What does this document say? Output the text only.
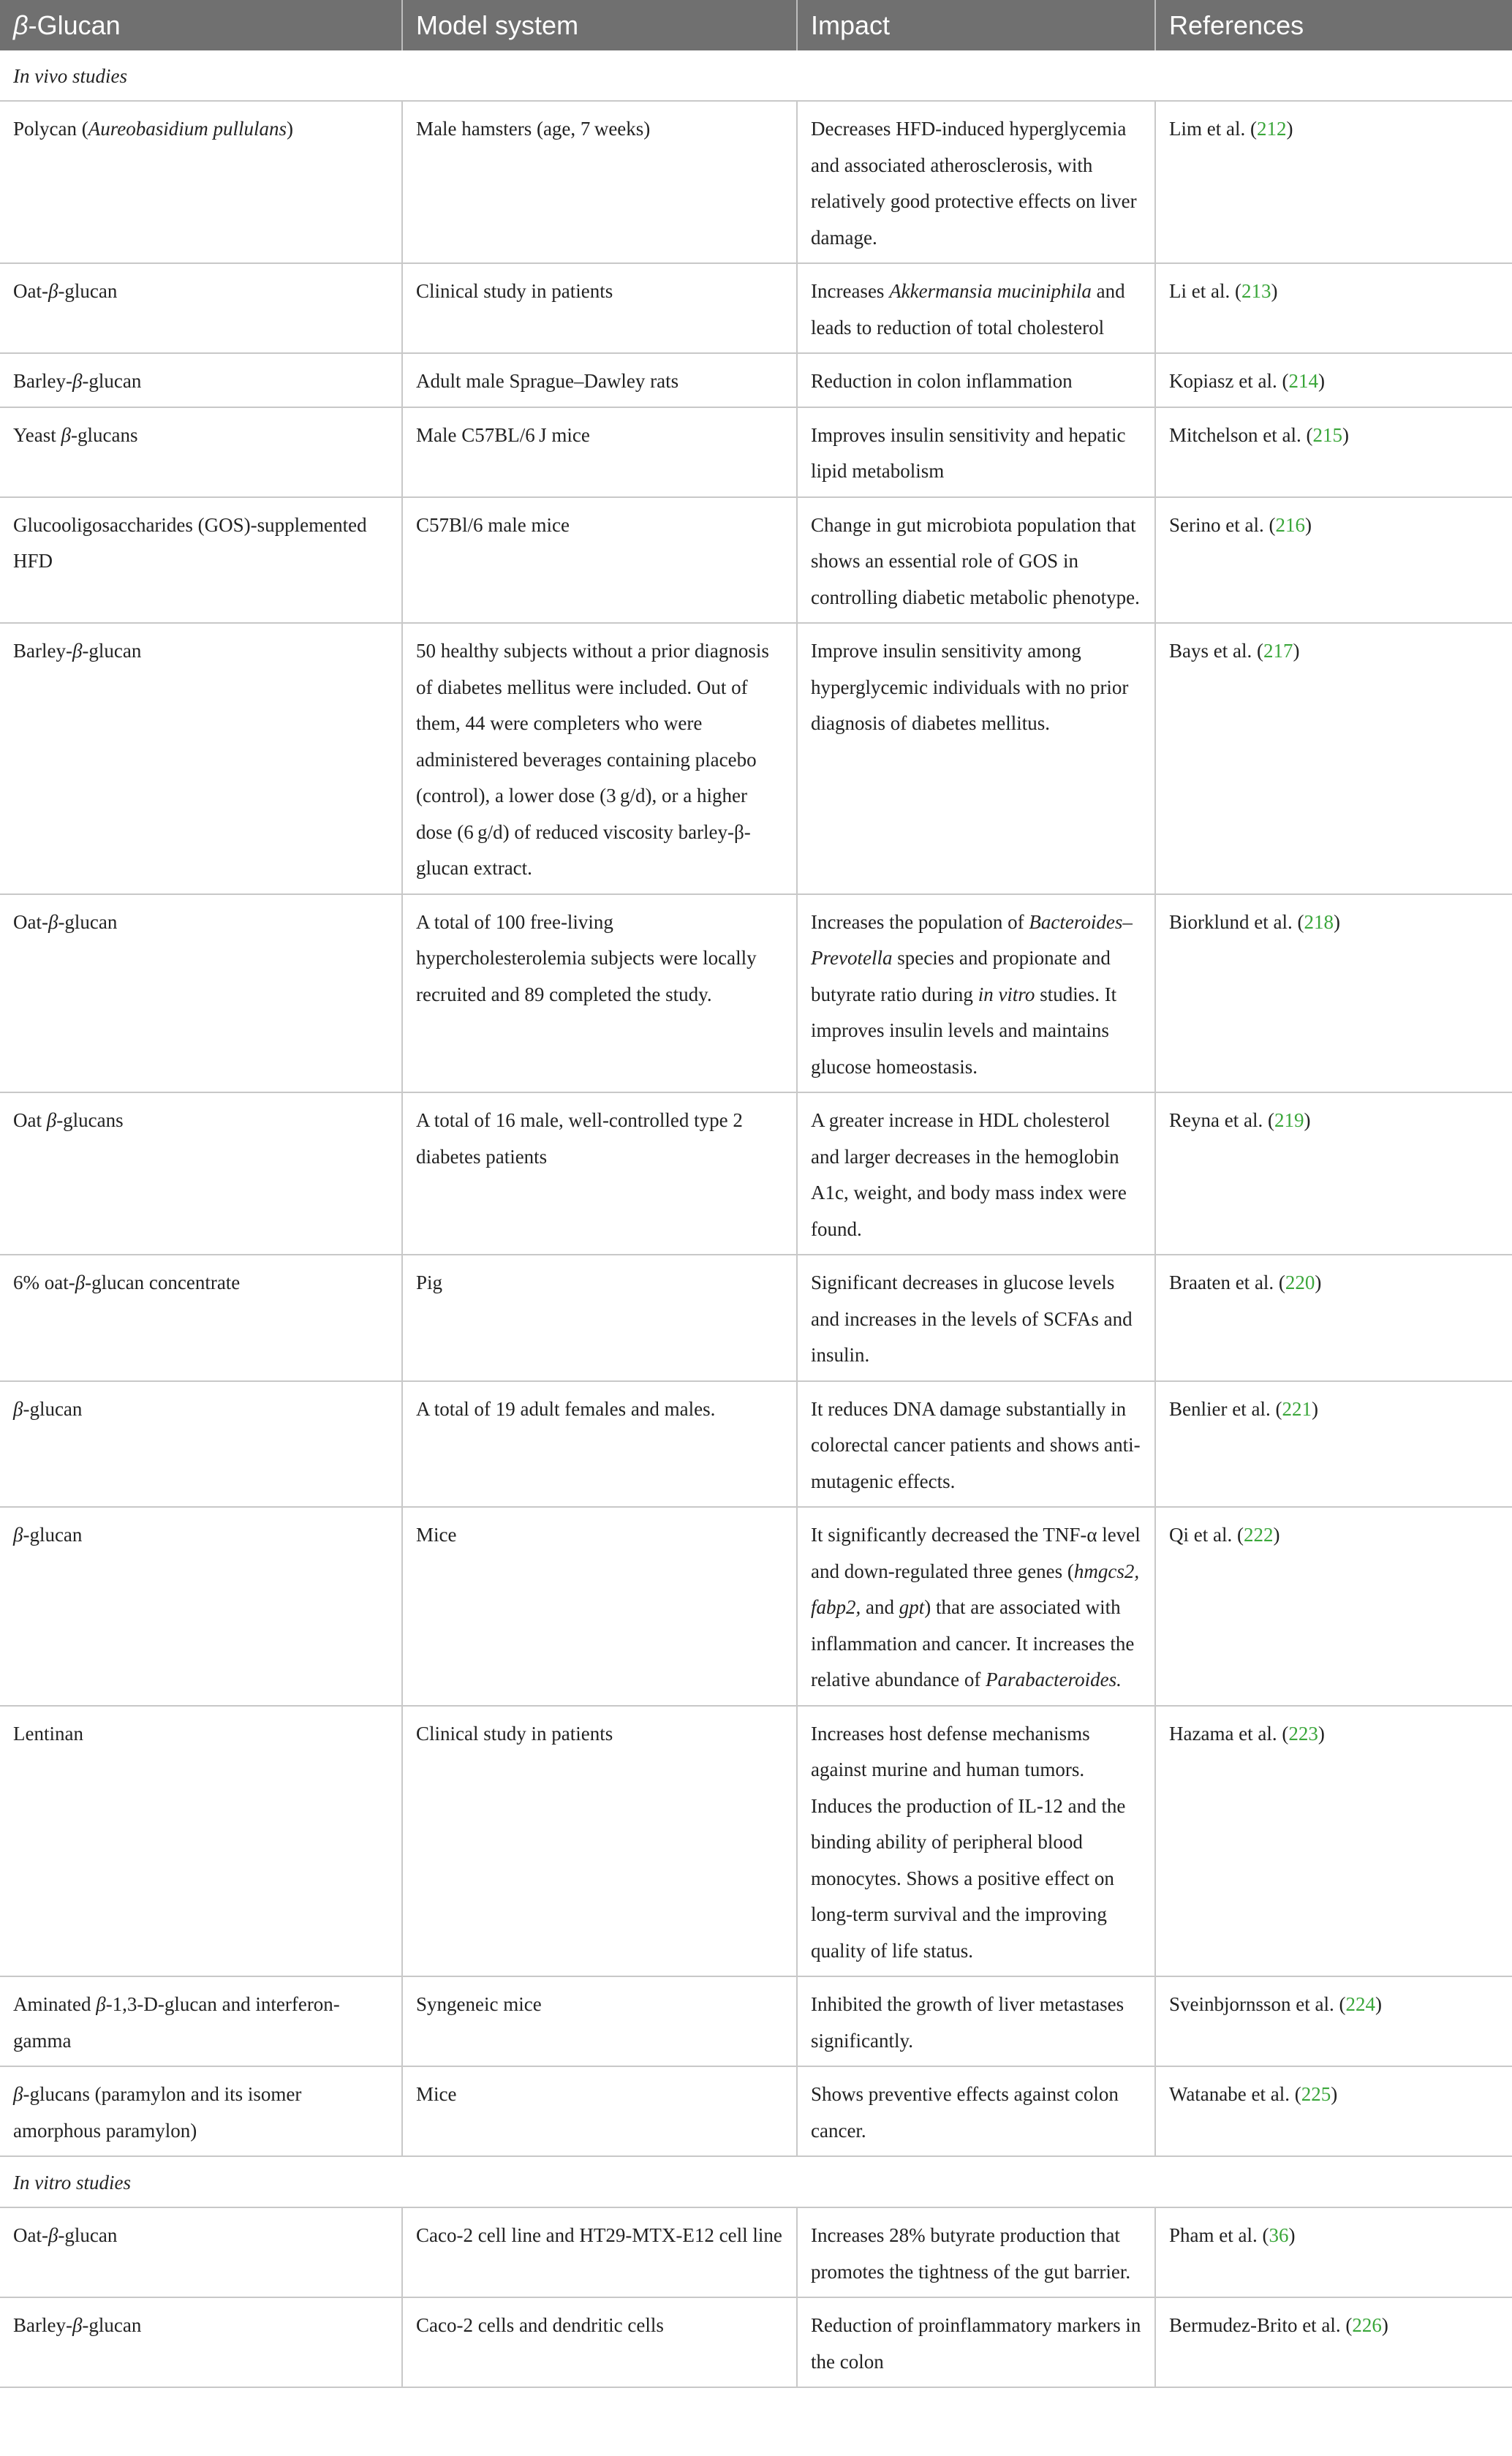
β-Glucan	Model system	Impact	References
In vivo studies			
Polycan (Aureobasidium pullulans)	Male hamsters (age, 7 weeks)	Decreases HFD-induced hyperglycemia and associated atherosclerosis, with relatively good protective effects on liver damage.	Lim et al. (212)
Oat-β-glucan	Clinical study in patients	Increases Akkermansia muciniphila and leads to reduction of total cholesterol	Li et al. (213)
Barley-β-glucan	Adult male Sprague–Dawley rats	Reduction in colon inflammation	Kopiasz et al. (214)
Yeast β-glucans	Male C57BL/6 J mice	Improves insulin sensitivity and hepatic lipid metabolism	Mitchelson et al. (215)
Glucooligosaccharides (GOS)-supplemented HFD	C57Bl/6 male mice	Change in gut microbiota population that shows an essential role of GOS in controlling diabetic metabolic phenotype.	Serino et al. (216)
Barley-β-glucan	50 healthy subjects without a prior diagnosis of diabetes mellitus were included. Out of them, 44 were completers who were administered beverages containing placebo (control), a lower dose (3 g/d), or a higher dose (6 g/d) of reduced viscosity barley-β-glucan extract.	Improve insulin sensitivity among hyperglycemic individuals with no prior diagnosis of diabetes mellitus.	Bays et al. (217)
Oat-β-glucan	A total of 100 free-living hypercholesterolemia subjects were locally recruited and 89 completed the study.	Increases the population of Bacteroides–Prevotella species and propionate and butyrate ratio during in vitro studies. It improves insulin levels and maintains glucose homeostasis.	Biorklund et al. (218)
Oat β-glucans	A total of 16 male, well-controlled type 2 diabetes patients	A greater increase in HDL cholesterol and larger decreases in the hemoglobin A1c, weight, and body mass index were found.	Reyna et al. (219)
6% oat-β-glucan concentrate	Pig	Significant decreases in glucose levels and increases in the levels of SCFAs and insulin.	Braaten et al. (220)
β-glucan	A total of 19 adult females and males.	It reduces DNA damage substantially in colorectal cancer patients and shows anti-mutagenic effects.	Benlier et al. (221)
β-glucan	Mice	It significantly decreased the TNF-α level and down-regulated three genes (hmgcs2, fabp2, and gpt) that are associated with inflammation and cancer. It increases the relative abundance of Parabacteroides.	Qi et al. (222)
Lentinan	Clinical study in patients	Increases host defense mechanisms against murine and human tumors. Induces the production of IL-12 and the binding ability of peripheral blood monocytes. Shows a positive effect on long-term survival and the improving quality of life status.	Hazama et al. (223)
Aminated β-1,3-D-glucan and interferon-gamma	Syngeneic mice	Inhibited the growth of liver metastases significantly.	Sveinbjornsson et al. (224)
β-glucans (paramylon and its isomer amorphous paramylon)	Mice	Shows preventive effects against colon cancer.	Watanabe et al. (225)
In vitro studies			
Oat-β-glucan	Caco-2 cell line and HT29-MTX-E12 cell line	Increases 28% butyrate production that promotes the tightness of the gut barrier.	Pham et al. (36)
Barley-β-glucan	Caco-2 cells and dendritic cells	Reduction of proinflammatory markers in the colon	Bermudez-Brito et al. (226)
